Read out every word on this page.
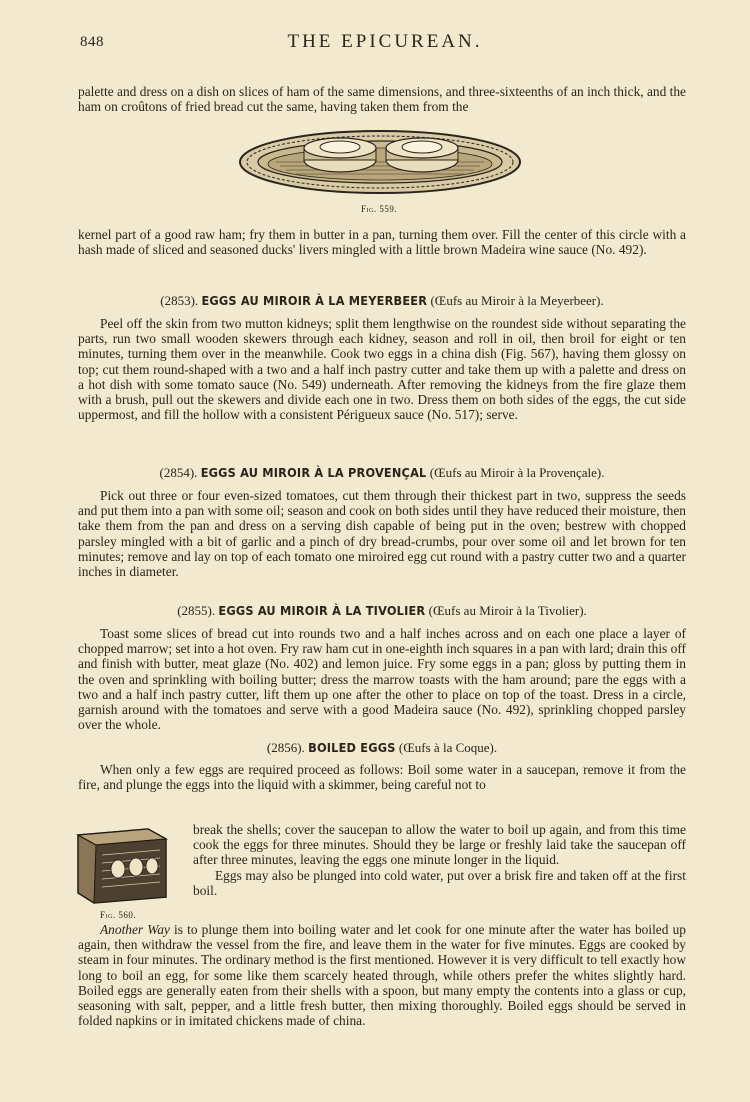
848	THE EPICUREAN.

palette and dress on a dish on slices of ham of the same dimensions, and three-sixteenths of an inch thick, and the ham on croûtons of fried bread cut the same, having taken them from the

Fig. 559.

kernel part of a good raw ham; fry them in butter in a pan, turning them over. Fill the center of this circle with a hash made of sliced and seasoned ducks' livers mingled with a little brown Madeira wine sauce (No. 492).

(2853). EGGS AU MIROIR À LA MEYERBEER (Œufs au Miroir à la Meyerbeer).

Peel off the skin from two mutton kidneys; split them lengthwise on the roundest side without separating the parts, run two small wooden skewers through each kidney, season and roll in oil, then broil for eight or ten minutes, turning them over in the meanwhile. Cook two eggs in a china dish (Fig. 567), having them glossy on top; cut them round-shaped with a two and a half inch pastry cutter and take them up with a palette and dress on a hot dish with some tomato sauce (No. 549) underneath. After removing the kidneys from the fire glaze them with a brush, pull out the skewers and divide each one in two. Dress them on both sides of the eggs, the cut side uppermost, and fill the hollow with a consistent Périgueux sauce (No. 517); serve.

(2854). EGGS AU MIROIR À LA PROVENÇAL (Œufs au Miroir à la Provençale).

Pick out three or four even-sized tomatoes, cut them through their thickest part in two, suppress the seeds and put them into a pan with some oil; season and cook on both sides until they have reduced their moisture, then take them from the pan and dress on a serving dish capable of being put in the oven; bestrew with chopped parsley mingled with a bit of garlic and a pinch of dry bread-crumbs, pour over some oil and let brown for ten minutes; remove and lay on top of each tomato one miroired egg cut round with a pastry cutter two and a quarter inches in diameter.

(2855). EGGS AU MIROIR À LA TIVOLIER (Œufs au Miroir à la Tivolier).

Toast some slices of bread cut into rounds two and a half inches across and on each one place a layer of chopped marrow; set into a hot oven. Fry raw ham cut in one-eighth inch squares in a pan with lard; drain this off and finish with butter, meat glaze (No. 402) and lemon juice. Fry some eggs in a pan; gloss by putting them in the oven and sprinkling with boiling butter; dress the marrow toasts with the ham around; pare the eggs with a two and a half inch pastry cutter, lift them up one after the other to place on top of the toast. Dress in a circle, garnish around with the tomatoes and serve with a good Madeira sauce (No. 492), sprinkling chopped parsley over the whole.

(2856). BOILED EGGS (Œufs à la Coque).

When only a few eggs are required proceed as follows: Boil some water in a saucepan, remove it from the fire, and plunge the eggs into the liquid with a skimmer, being careful not to

Fig. 560.

break the shells; cover the saucepan to allow the water to boil up again, and from this time cook the eggs for three minutes. Should they be large or freshly laid take the saucepan off after three minutes, leaving the eggs one minute longer in the liquid.

Eggs may also be plunged into cold water, put over a brisk fire and taken off at the first boil.

Another Way is to plunge them into boiling water and let cook for one minute after the water has boiled up again, then withdraw the vessel from the fire, and leave them in the water for five minutes. Eggs are cooked by steam in four minutes. The ordinary method is the first mentioned. However it is very difficult to tell exactly how long to boil an egg, for some like them scarcely heated through, while others prefer the whites slightly hard. Boiled eggs are generally eaten from their shells with a spoon, but many empty the contents into a glass or cup, seasoning with salt, pepper, and a little fresh butter, then mixing thoroughly. Boiled eggs should be served in folded napkins or in imitated chickens made of china.
